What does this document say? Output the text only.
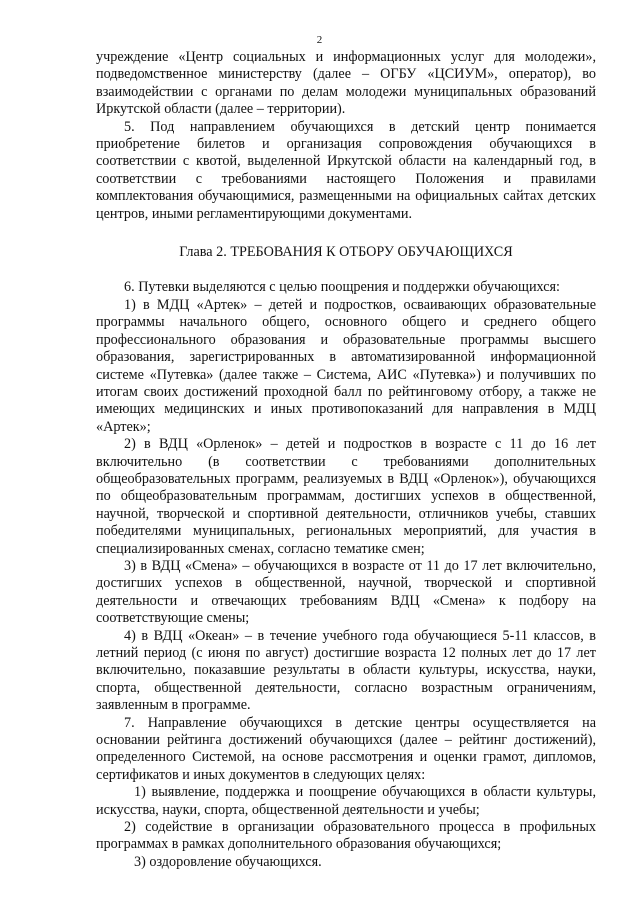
2

учреждение «Центр социальных и информационных услуг для молодежи», подведомственное министерству (далее – ОГБУ «ЦСИУМ», оператор), во взаимодействии с органами по делам молодежи муниципальных образований Иркутской области (далее – территории).

5. Под направлением обучающихся в детский центр понимается приобретение билетов и организация сопровождения обучающихся в соответствии с квотой, выделенной Иркутской области на календарный год, в соответствии с требованиями настоящего Положения и правилами комплектования обучающимися, размещенными на официальных сайтах детских центров, иными регламентирующими документами.

Глава 2. ТРЕБОВАНИЯ К ОТБОРУ ОБУЧАЮЩИХСЯ

6. Путевки выделяются с целью поощрения и поддержки обучающихся:

1) в МДЦ «Артек» – детей и подростков, осваивающих образовательные программы начального общего, основного общего и среднего общего профессионального образования и образовательные программы высшего образования, зарегистрированных в автоматизированной информационной системе «Путевка» (далее также – Система, АИС «Путевка») и получивших по итогам своих достижений проходной балл по рейтинговому отбору, а также не имеющих медицинских и иных противопоказаний для направления в МДЦ «Артек»;

2) в ВДЦ «Орленок» – детей и подростков в возрасте с 11 до 16 лет включительно (в соответствии с требованиями дополнительных общеобразовательных программ, реализуемых в ВДЦ «Орленок»), обучающихся по общеобразовательным программам, достигших успехов в общественной, научной, творческой и спортивной деятельности, отличников учебы, ставших победителями муниципальных, региональных мероприятий, для участия в специализированных сменах, согласно тематике смен;

3) в ВДЦ «Смена» – обучающихся в возрасте от 11 до 17 лет включительно, достигших успехов в общественной, научной, творческой и спортивной деятельности и отвечающих требованиям ВДЦ «Смена» к подбору на соответствующие смены;

4) в ВДЦ «Океан» – в течение учебного года обучающиеся 5-11 классов, в летний период (с июня по август) достигшие возраста 12 полных лет до 17 лет включительно, показавшие результаты в области культуры, искусства, науки, спорта, общественной деятельности, согласно возрастным ограничениям, заявленным в программе.

7. Направление обучающихся в детские центры осуществляется на основании рейтинга достижений обучающихся (далее – рейтинг достижений), определенного Системой, на основе рассмотрения и оценки грамот, дипломов, сертификатов и иных документов в следующих целях:

1) выявление, поддержка и поощрение обучающихся в области культуры, искусства, науки, спорта, общественной деятельности и учебы;

2) содействие в организации образовательного процесса в профильных программах в рамках дополнительного образования обучающихся;

3) оздоровление обучающихся.
